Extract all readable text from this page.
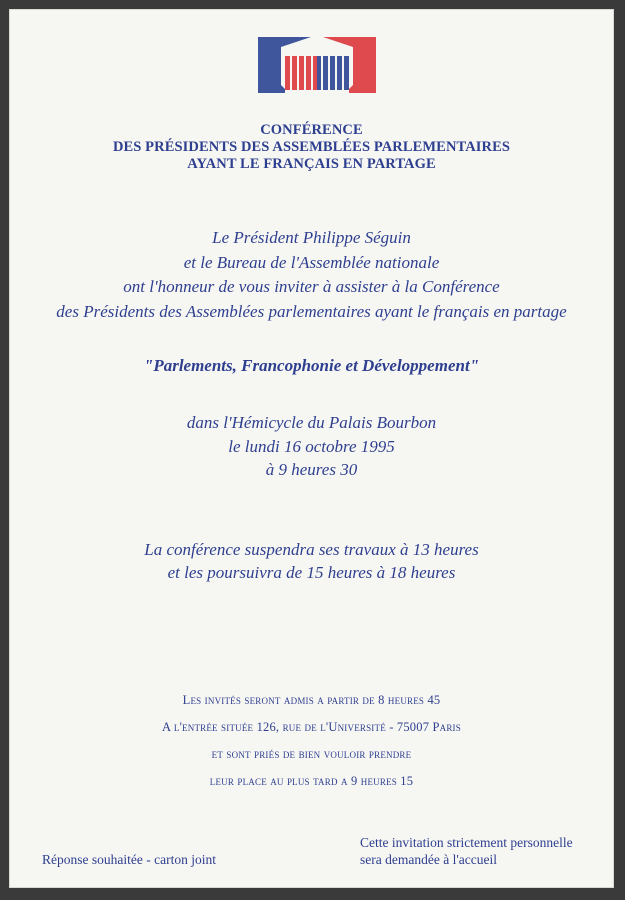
CONFÉRENCE
DES PRÉSIDENTS DES ASSEMBLÉES PARLEMENTAIRES
AYANT LE FRANÇAIS EN PARTAGE
Le Président Philippe Séguin
et le Bureau de l'Assemblée nationale
ont l'honneur de vous inviter à assister à la Conférence
des Présidents des Assemblées parlementaires ayant le français en partage
"Parlements, Francophonie et Développement"
dans l'Hémicycle du Palais Bourbon
le lundi 16 octobre 1995
à 9 heures 30
La conférence suspendra ses travaux à 13 heures
et les poursuivra de 15 heures à 18 heures
Les invités seront admis a partir de 8 heures 45
A l'entrée située 126, rue de l'Université - 75007 Paris
et sont priés de bien vouloir prendre
leur place au plus tard a 9 heures 15
Réponse souhaitée - carton joint
Cette invitation strictement personnelle
sera demandée à l'accueil
